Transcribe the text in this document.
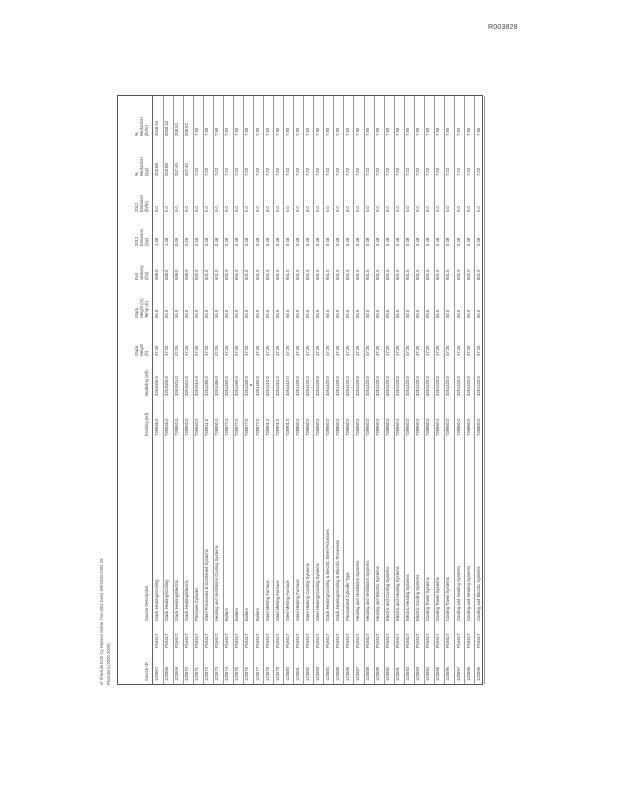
R003828
of Shedule both Cy Hatsion Sobre 7mo-(Bid lows) 9/9/2000-2005 29 Pestrated (2000 2009)	Source ID
Source Description
Existing (ed)
Modeling (ed)
Stack Height (ft)
Stack Height (m) Temp (K)
Exit Velocity (ft/s)
2012 Emission (tpy)
2012 Emission (lb/hr)
% Reduction (tpy)
% Reduction (lb/hr)
123567
P16617
Stack Heating/Cooling
728946.0
3261506.0
47.26
55.0
588.0
1.38
0.0
203.88
2048.52
123568
P16617
Stack Heating/Cooling
728946.0
3261506.0
47.26
55.0
588.0
1.38
0.0
203.88
2048.52
123569
P16617
Stack Heating/Electric
728862.0
3261501.0
47.26
55.0
598.0
0.09
0.0
207.40
208.52
123570
P16617
Stack Heating/Electric
728862.0
3261501.0
47.26
55.0
598.0
0.09
0.0
207.40
208.52
123571
P16617
Pressure Cylinder
728840.0
3261514.0
47.26
55.0
592.0
0.59
0.0
7.02
7.90
123572
P16617
Steel Processes & Combined Systems
728911.0
3261495.0
47.26
55.0
601.0
0.48
0.0
7.02
7.90
123573
P16617
Heating and Ventilation Cooling Systems
728850.0
3261486.0
47.26
55.0
601.0
0.48
0.0
7.02
7.90
123574
P16617
Boilers
728877.0
3261460.0
47.26
55.0
601.0
0.48
0.0
7.02
7.90
123575
P16617
Boilers
728877.0
3261460.0
47.26
55.0
601.0
0.48
0.0
7.02
7.90
123576
P16617
Boilers
728877.0
3261460.0
47.26
55.0
601.0
0.48
0.0
7.02
7.90
123577
P16617
Boilers
728877.0
3261460.0
47.26
55.0
601.0
0.48
0.0
7.02
7.90
123578
P16617
Steel Melting Furnace
728901.0
3261410.0
47.26
55.0
601.0
0.48
0.0
7.02
7.90
123579
P16617
Steel Melting Furnace
728901.0
3261410.0
47.26
55.0
601.0
0.48
0.0
7.02
7.90
123580
P16617
Steel Melting Furnace
728901.0
3261410.0
47.26
55.0
601.0
0.48
0.0
7.02
7.90
123581
P16617
Steel Heating Furnace
728860.0
3261420.0
47.26
55.0
601.0
0.48
0.0
7.02
7.90
123582
P16617
Steel Heating Cooling Systems
728860.0
3261420.0
47.26
55.0
601.0
0.48
0.0
7.02
7.90
123583
P16617
Steel Heating/Cooling Systems
728860.0
3261420.0
47.26
55.0
601.0
0.48
0.0
7.02
7.90
123584
P16617
Stack Heating/Cooling & Electric Steel Processes
728860.0
3261420.0
47.26
55.0
601.0
0.48
0.0
7.02
7.90
123585
P16617
Stack Heating/Cooling & Electric Processes
728860.0
3261420.0
47.26
55.0
601.0
0.48
0.0
7.02
7.90
123586
P16617
Pressurized Cylinder Type
728860.0
3261420.0
47.26
55.0
601.0
0.48
0.0
7.02
7.90
123587
P16617
Heating and Ventilation Systems
728860.0
3261420.0
47.26
55.0
601.0
0.48
0.0
7.02
7.90
123588
P16617
Heating and Ventilation Systems
728860.0
3261420.0
47.26
55.0
601.0
0.48
0.0
7.02
7.90
123589
P16617
Heating and Electric Systems
728860.0
3261420.0
47.26
55.0
601.0
0.48
0.0
7.02
7.90
123590
P16617
Electric and Cooling Systems
728860.0
3261420.0
47.26
55.0
601.0
0.48
0.0
7.02
7.90
123591
P16617
Electric and Heating Systems
728860.0
3261420.0
47.26
55.0
601.0
0.48
0.0
7.02
7.90
123592
P16617
Electric Heating Systems
728860.0
3261420.0
47.26
55.0
601.0
0.48
0.0
7.02
7.90
123593
P16617
Electric Cooling Systems
728860.0
3261420.0
47.26
55.0
601.0
0.48
0.0
7.02
7.90
123594
P16617
Cooling Tower Systems
728860.0
3261420.0
47.26
55.0
601.0
0.48
0.0
7.02
7.90
123595
P16617
Cooling Tower Systems
728860.0
3261420.0
47.26
55.0
601.0
0.48
0.0
7.02
7.90
123596
P16617
Cooling Tower Systems
728860.0
3261420.0
47.26
55.0
601.0
0.48
0.0
7.02
7.90
123597
P16617
Cooling and Heating Systems
728860.0
3261420.0
47.26
55.0
601.0
0.48
0.0
7.02
7.90
123598
P16617
Cooling and Heating Systems
728860.0
3261420.0
47.26
55.0
601.0
0.48
0.0
7.02
7.90
123599
P16617
Cooling and Electric Systems
728860.0
3261420.0
47.26
55.0
601.0
0.48
0.0
7.02
7.90
